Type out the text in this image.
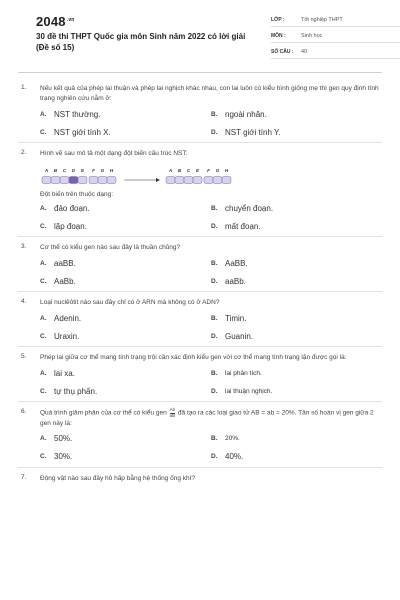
$2048^{.vn}$
30 đề thi THPT Quốc gia môn Sinh năm 2022 có lời giải (Đề số 15)
LỚP :	Tốt nghiệp THPT
MÔN :	Sinh học
SỐ CÂU :	40
1. Nếu kết quả của phép lai thuận và phép lai nghịch khác nhau, con lai luôn có kiểu hình giống mẹ thì gen quy định tính trạng nghiên cứu nằm ở:
A. NST thường.	B. ngoài nhân.
C. NST giới tính X.	D. NST giới tính Y.
2. Hình vẽ sau mô tả một dạng đột biến cấu trúc NST:
A B C D E F G H	A B C E F G H
Đột biến trên thuộc dạng:
A. đảo đoạn.	B. chuyển đoạn.
C. lặp đoạn.	D. mất đoạn.
3. Cơ thể có kiểu gen nào sau đây là thuần chủng?
A. aaBB.	B. AaBB.
C. AaBb.	D. aaBb.
4. Loại nuclêôtit nào sau đây chỉ có ở ARN mà không có ở ADN?
A. Adenin.	B. Timin.
C. Uraxin.	D. Guanin.
5. Phép lai giữa cơ thể mang tính trạng trội cần xác định kiểu gen với cơ thể mang tính trạng lặn được gọi là:
A. lai xa.	B.	lai phân tích.
C. tự thụ phấn.	D.	lai thuận nghịch.
6. Quá trình giảm phân của cơ thể có kiểu gen $\frac{Ab}{aB}$ đã tạo ra các loại giao tử AB = ab = 20%. Tần số hoán vị gen giữa 2 gen này là:
A. 50%.	B.	20%.
C. 30%.	D. 40%.
7. Động vật nào sau đây hô hấp bằng hệ thống ống khí?
